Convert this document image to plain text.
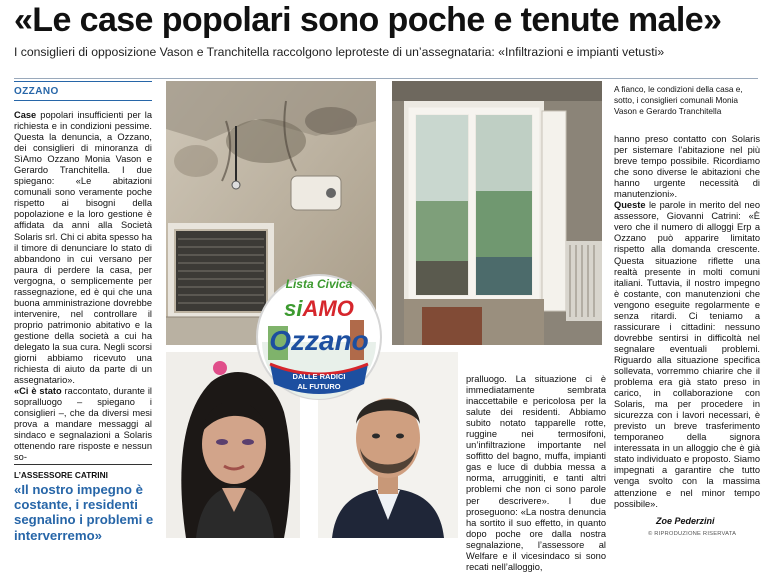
«Le case popolari sono poche e tenute male»
I consiglieri di opposizione Vason e Tranchitella raccolgono leproteste di un’assegnataria: «Infiltrazioni e impianti vetusti»
OZZANO

Case popolari insufficienti per la richiesta e in condizioni pessime. Questa la denuncia, a Ozzano, dei consiglieri di minoranza di SìAmo Ozzano Monia Vason e Gerardo Tranchitella. I due spiegano: «Le abitazioni comunali sono veramente poche rispetto ai bisogni della popolazione e la loro gestione è affidata da anni alla Società Solaris srl. Chi ci abita spesso ha il timore di denunciare lo stato di abbandono in cui versano per paura di perdere la casa, per vergogna, o semplicemente per rassegnazione, ed è qui che una buona amministrazione dovrebbe intervenire, nel controllare il proprio patrimonio abitativo e la gestione della società a cui ha delegato la sua cura. Negli scorsi giorni abbiamo ricevuto una richiesta di aiuto da parte di un assegnatario».

«Ci è stato raccontato, durante il sopralluogo – spiegano i consiglieri –, che da diversi mesi prova a mandare messaggi al sindaco e segnalazioni a Solaris ottenendo rare risposte e nessun so-

L’ASSESSORE CATRINI
«Il nostro impegno è costante, i residenti segnalino i problemi e interverremo»
Lista Civica
siAMO
Ozzano
DALLE RADICI
AL FUTURO

pralluogo. La situazione ci è immediatamente sembrata inaccettabile e pericolosa per la salute dei residenti. Abbiamo subito notato tapparelle rotte, ruggine nei termosifoni, un’infiltrazione importante nel soffitto del bagno, muffa, impianti gas e luce di dubbia messa a norma, arrugginiti, e tanti altri problemi che non ci sono parole per descrivere». I due proseguono: «La nostra denuncia ha sortito il suo effetto, in quanto dopo poche ore dalla nostra segnalazione, l’assessore al Welfare e il vicesindaco si sono recati nell’alloggio,

A fianco, le condizioni della casa e, sotto, i consiglieri comunali Monia Vason e Gerardo Tranchitella

hanno preso contatto con Solaris per sistemare l’abitazione nel più breve tempo possibile. Ricordiamo che sono diverse le abitazioni che hanno urgente necessità di manutenzioni».

Queste le parole in merito del neo assessore, Giovanni Catrini: «È vero che il numero di alloggi Erp a Ozzano può apparire limitato rispetto alla domanda crescente. Questa situazione riflette una realtà presente in molti comuni italiani. Tuttavia, il nostro impegno è costante, con manutenzioni che vengono eseguite regolarmente e senza ritardi. Ci teniamo a rassicurare i cittadini: nessuno dovrebbe sentirsi in difficoltà nel segnalare eventuali problemi. Riguardo alla situazione specifica sollevata, vorremmo chiarire che il problema era già stato preso in carico, in collaborazione con Solaris, ma per procedere in sicurezza con i lavori necessari, è previsto un breve trasferimento temporaneo della signora interessata in un alloggio che è già stato individuato e proposto. Siamo impegnati a garantire che tutto venga svolto con la massima attenzione e nel minor tempo possibile».

Zoe Pederzini
© RIPRODUZIONE RISERVATA
